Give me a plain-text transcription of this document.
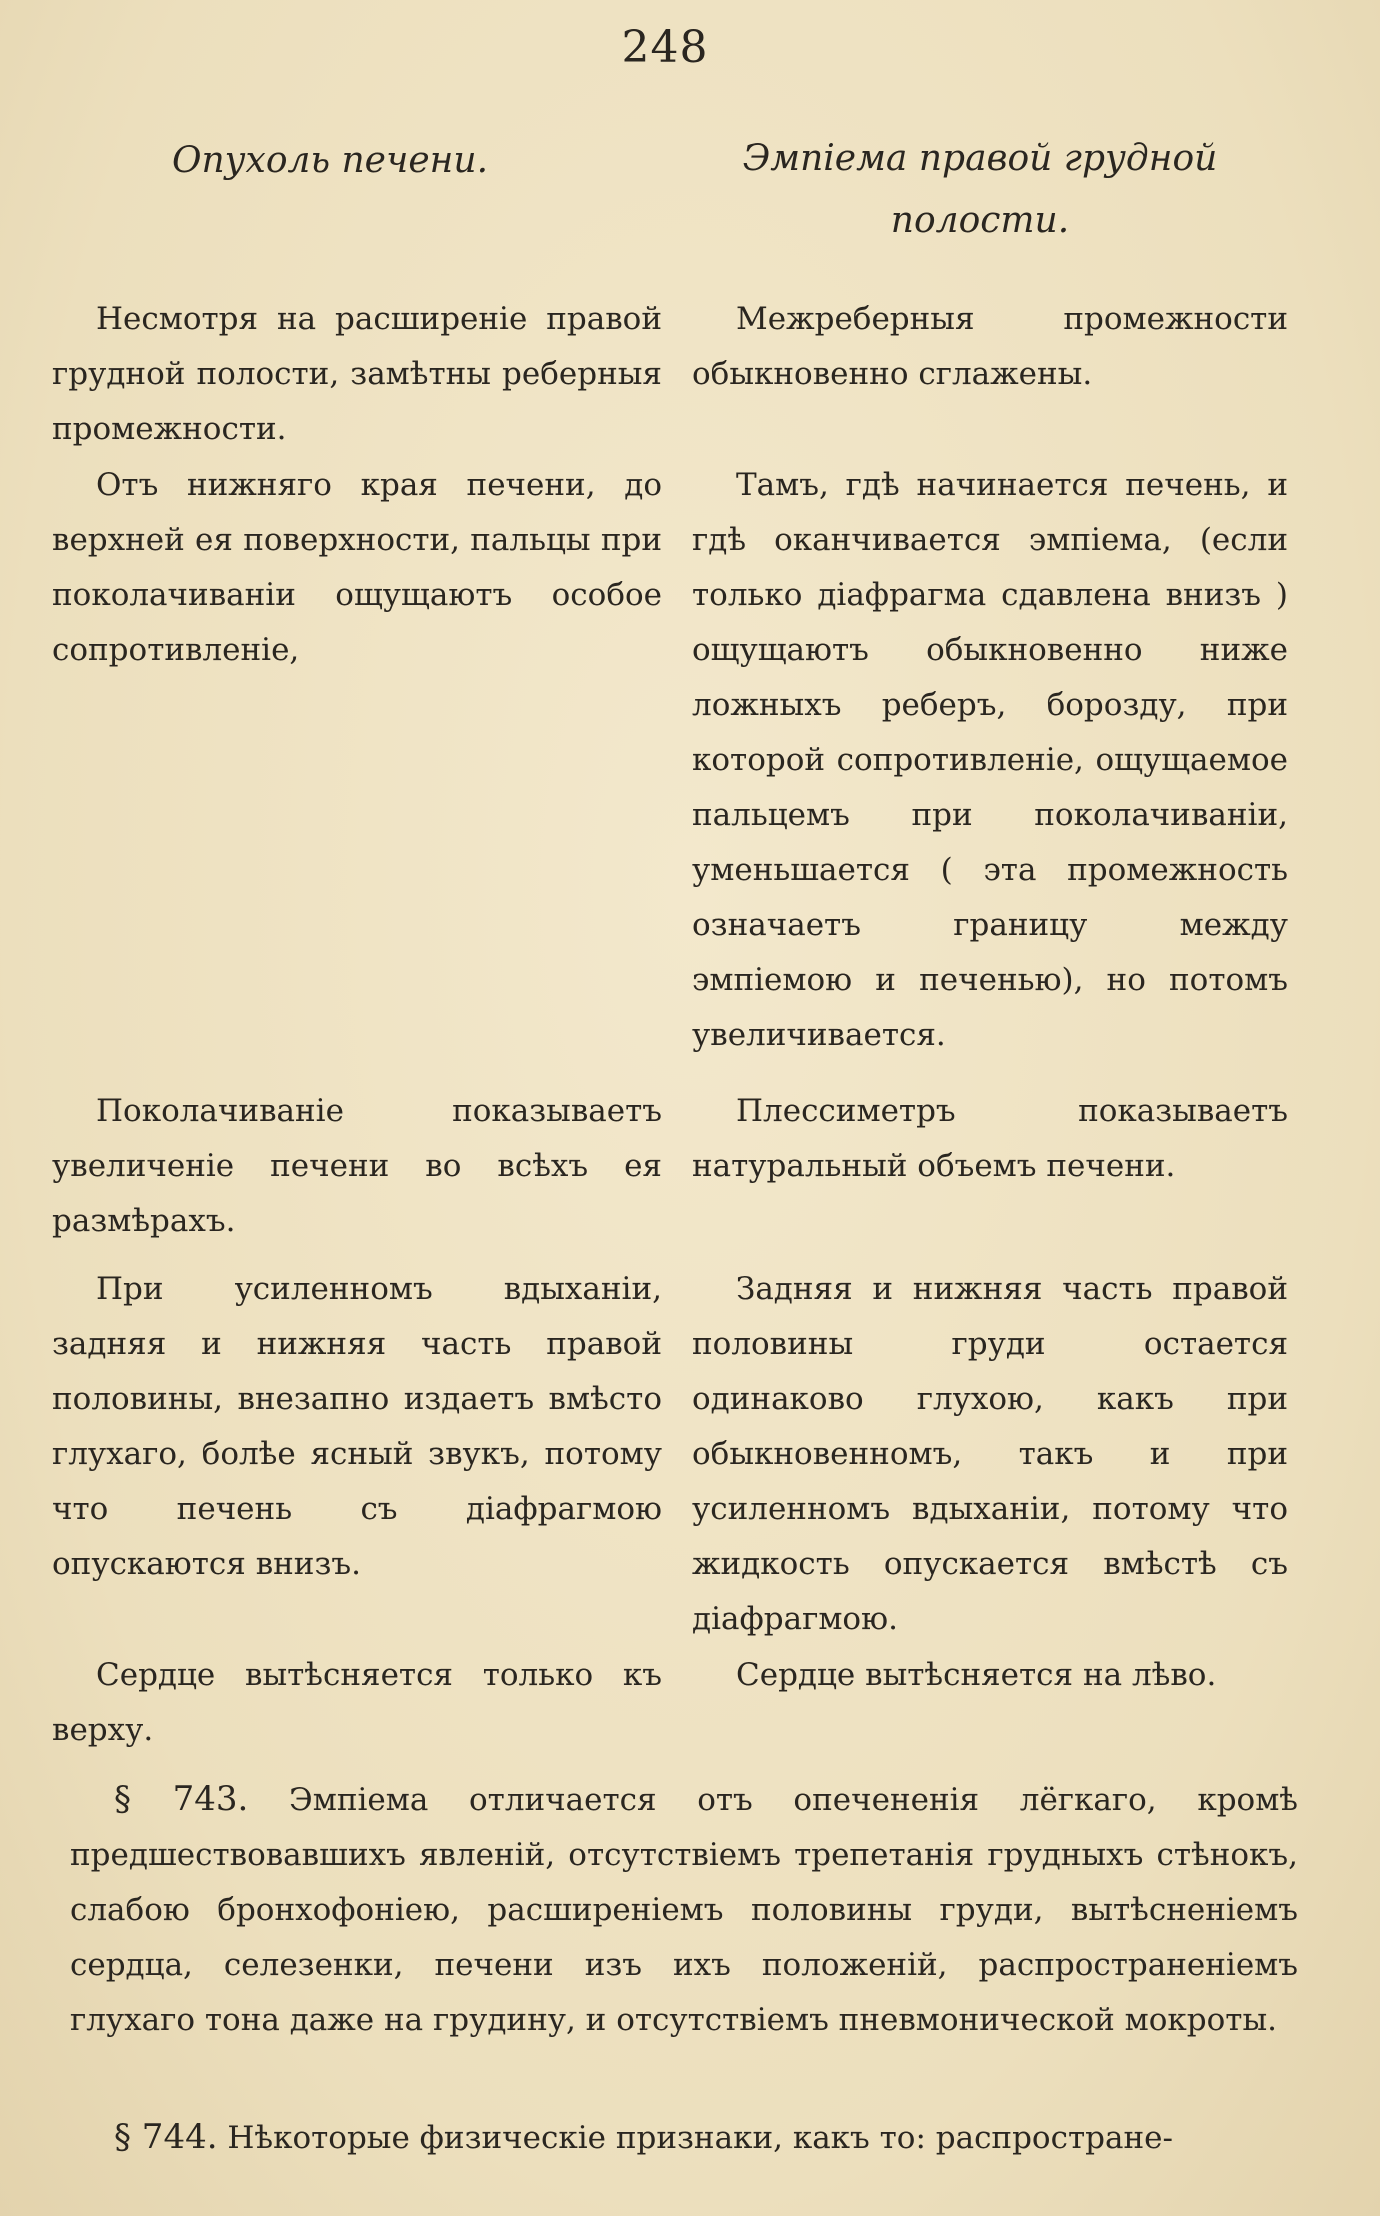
248
Опухоль печени.	Эмпіема правой грудной полости.

Несмотря на расширеніе правой грудной полости, замѣтны реберныя промежности.

Межреберныя промежности обыкновенно сглажены.

Отъ нижняго края печени, до верхней ея поверхности, пальцы при поколачиваніи ощущаютъ особое сопротивленіе,

Тамъ, гдѣ начинается печень, и гдѣ оканчивается эмпіема, (если только діафрагма сдавлена внизъ ) ощущаютъ обыкновенно ниже ложныхъ реберъ, борозду, при которой сопротивленіе, ощущаемое пальцемъ при поколачиваніи, уменьшается ( эта промежность означаетъ границу между эмпіемою и печенью), но потомъ увеличивается.

Поколачиваніе показываетъ увеличеніе печени во всѣхъ ея размѣрахъ.

Плессиметръ показываетъ натуральный объемъ печени.

При усиленномъ вдыханіи, задняя и нижняя часть правой половины, внезапно издаетъ вмѣсто глухаго, болѣе ясный звукъ, потому что печень съ діафрагмою опускаются внизъ.

Задняя и нижняя часть правой половины груди остается одинаково глухою, какъ при обыкновенномъ, такъ и при усиленномъ вдыханіи, потому что жидкость опускается вмѣстѣ съ діафрагмою.

Сердце вытѣсняется только къ верху.

Сердце вытѣсняется на лѣво.

§ 743. Эмпіема отличается отъ опечененія лёгкаго, кромѣ предшествовавшихъ явленій, отсутствіемъ трепетанія грудныхъ стѣнокъ, слабою бронхофоніею, расширеніемъ половины груди, вытѣсненіемъ сердца, селезенки, печени изъ ихъ положеній, распространеніемъ глухаго тона даже на грудину, и отсутствіемъ пневмонической мокроты.

§ 744. Нѣкоторые физическіе признаки, какъ то: распростране-
